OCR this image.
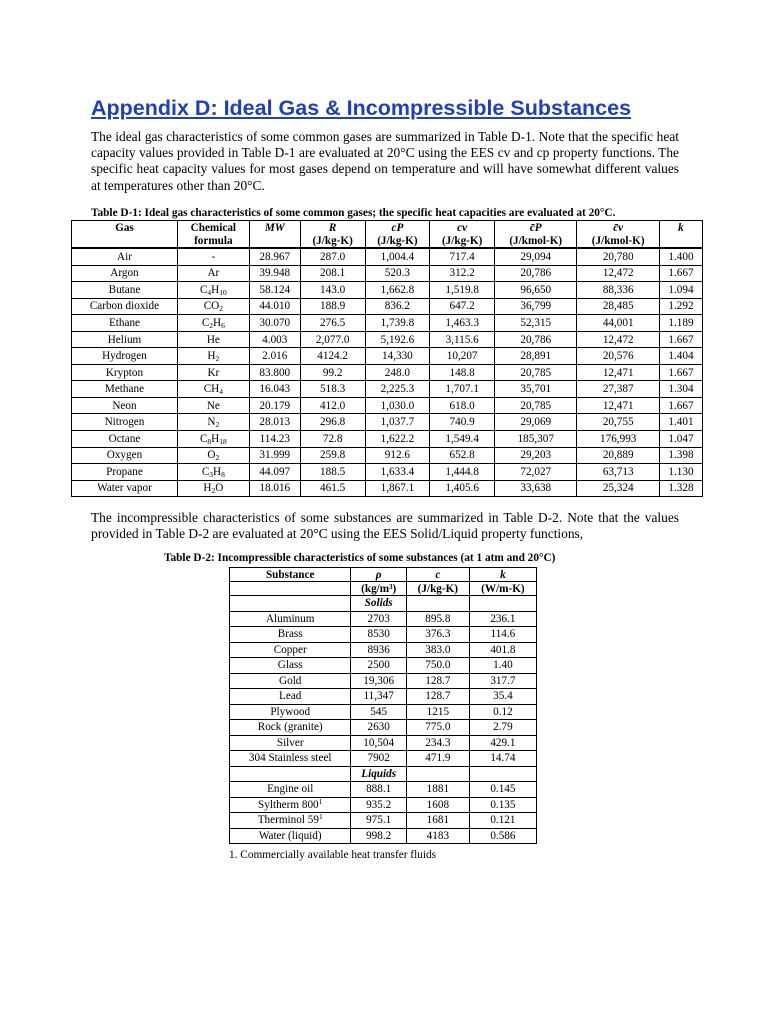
Appendix D: Ideal Gas & Incompressible Substances

The ideal gas characteristics of some common gases are summarized in Table D-1. Note that the specific heat capacity values provided in Table D-1 are evaluated at 20°C using the EES cv and cp property functions. The specific heat capacity values for most gases depend on temperature and will have somewhat different values at temperatures other than 20°C.

Table D-1: Ideal gas characteristics of some common gases; the specific heat capacities are evaluated at 20°C.

Gas	Chemical	MW	R	cP	cv	c̄P	c̄v	k
	formula		(J/kg-K)	(J/kg-K)	(J/kg-K)	(J/kmol-K)	(J/kmol-K)	
Air	-	28.967	287.0	1,004.4	717.4	29,094	20,780	1.400
Argon	Ar	39.948	208.1	520.3	312.2	20,786	12,472	1.667
Butane	$C_4H_{10}$	58.124	143.0	1,662.8	1,519.8	96,650	88,336	1.094
Carbon dioxide	$CO_2$	44.010	188.9	836.2	647.2	36,799	28,485	1.292
Ethane	$C_2H_6$	30.070	276.5	1,739.8	1,463.3	52,315	44,001	1.189
Helium	He	4.003	2,077.0	5,192.6	3,115.6	20,786	12,472	1.667
Hydrogen	$H_2$	2.016	4124.2	14,330	10,207	28,891	20,576	1.404
Krypton	Kr	83.800	99.2	248.0	148.8	20,785	12,471	1.667
Methane	$CH_4$	16.043	518.3	2,225.3	1,707.1	35,701	27,387	1.304
Neon	Ne	20.179	412.0	1,030.0	618.0	20,785	12,471	1.667
Nitrogen	$N_2$	28.013	296.8	1,037.7	740.9	29,069	20,755	1.401
Octane	$C_8H_{18}$	114.23	72.8	1,622.2	1,549.4	185,307	176,993	1.047
Oxygen	$O_2$	31.999	259.8	912.6	652.8	29,203	20,889	1.398
Propane	$C_3H_8$	44.097	188.5	1,633.4	1,444.8	72,027	63,713	1.130
Water vapor	$H_2O$	18.016	461.5	1,867.1	1,405.6	33,638	25,324	1.328

The incompressible characteristics of some substances are summarized in Table D-2. Note that the values provided in Table D-2 are evaluated at 20°C using the EES Solid/Liquid property functions,

Table D-2: Incompressible characteristics of some substances (at 1 atm and 20°C)

Substance	ρ	c	k
	(kg/m³)	(J/kg-K)	(W/m-K)
	Solids		
Aluminum	2703	895.8	236.1
Brass	8530	376.3	114.6
Copper	8936	383.0	401.8
Glass	2500	750.0	1.40
Gold	19,306	128.7	317.7
Lead	11,347	128.7	35.4
Plywood	545	1215	0.12
Rock (granite)	2630	775.0	2.79
Silver	10,504	234.3	429.1
304 Stainless steel	7902	471.9	14.74
	Liquids		
Engine oil	888.1	1881	0.145
Syltherm $800^1$	935.2	1608	0.135
Therminol $59^1$	975.1	1681	0.121
Water (liquid)	998.2	4183	0.586

1. Commercially available heat transfer fluids
